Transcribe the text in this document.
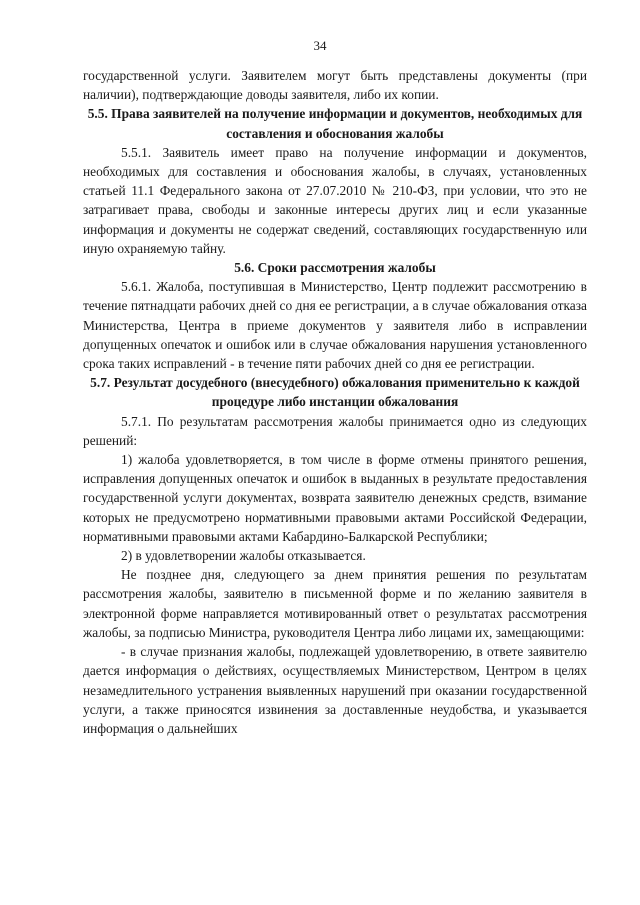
34

государственной услуги. Заявителем могут быть представлены документы (при наличии), подтверждающие доводы заявителя, либо их копии.

5.5. Права заявителей на получение информации и документов, необходимых для составления и обоснования жалобы

5.5.1. Заявитель имеет право на получение информации и документов, необходимых для составления и обоснования жалобы, в случаях, установленных статьей 11.1 Федерального закона от 27.07.2010 № 210-ФЗ, при условии, что это не затрагивает права, свободы и законные интересы других лиц и если указанные информация и документы не содержат сведений, составляющих государственную или иную охраняемую тайну.

5.6. Сроки рассмотрения жалобы

5.6.1. Жалоба, поступившая в Министерство, Центр подлежит рассмотрению в течение пятнадцати рабочих дней со дня ее регистрации, а в случае обжалования отказа Министерства, Центра в приеме документов у заявителя либо в исправлении допущенных опечаток и ошибок или в случае обжалования нарушения установленного срока таких исправлений - в течение пяти рабочих дней со дня ее регистрации.

5.7. Результат досудебного (внесудебного) обжалования применительно к каждой процедуре либо инстанции обжалования

5.7.1. По результатам рассмотрения жалобы принимается одно из следующих решений:

1) жалоба удовлетворяется, в том числе в форме отмены принятого решения, исправления допущенных опечаток и ошибок в выданных в результате предоставления государственной услуги документах, возврата заявителю денежных средств, взимание которых не предусмотрено нормативными правовыми актами Российской Федерации, нормативными правовыми актами Кабардино-Балкарской Республики;

2) в удовлетворении жалобы отказывается.

Не позднее дня, следующего за днем принятия решения по результатам рассмотрения жалобы, заявителю в письменной форме и по желанию заявителя в электронной форме направляется мотивированный ответ о результатах рассмотрения жалобы, за подписью Министра, руководителя Центра либо лицами их, замещающими:

- в случае признания жалобы, подлежащей удовлетворению, в ответе заявителю дается информация о действиях, осуществляемых Министерством, Центром в целях незамедлительного устранения выявленных нарушений при оказании государственной услуги, а также приносятся извинения за доставленные неудобства, и указывается информация о дальнейших
